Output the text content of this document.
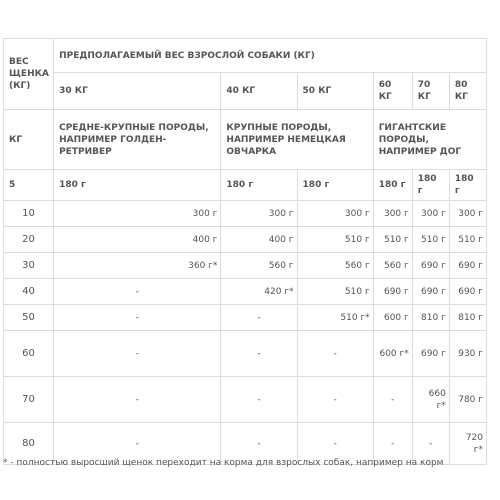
ВЕС
ЩЕНКА
(КГ)	ПРЕДПОЛАГАЕМЫЙ ВЕС ВЗРОСЛОЙ СОБАКИ (КГ)					
	30 КГ	40 КГ	50 КГ	60 КГ	70 КГ	80 КГ
КГ	СРЕДНЕ-КРУПНЫЕ ПОРОДЫ, НАПРИМЕР ГОЛДЕН-РЕТРИВЕР	КРУПНЫЕ ПОРОДЫ, НАПРИМЕР НЕМЕЦКАЯ ОВЧАРКА		ГИГАНТСКИЕ ПОРОДЫ, НАПРИМЕР ДОГ		
5	180 г	180 г	180 г	180 г	180 г	180 г
10	300 г	300 г	300 г	300 г	300 г	300 г
20	400 г	400 г	510 г	510 г	510 г	510 г
30	360 г*	560 г	560 г	560 г	690 г	690 г
40	-	420 г*	510 г	690 г	690 г	690 г
50	-	-	510 г*	600 г	810 г	810 г
60	-	-	-	600 г*	690 г	930 г
70	-	-	-	-	660 г*	780 г
80	-	-	-	-	-	720 г*
* - полностью выросший щенок переходит на корма для взрослых собак, например на корм
